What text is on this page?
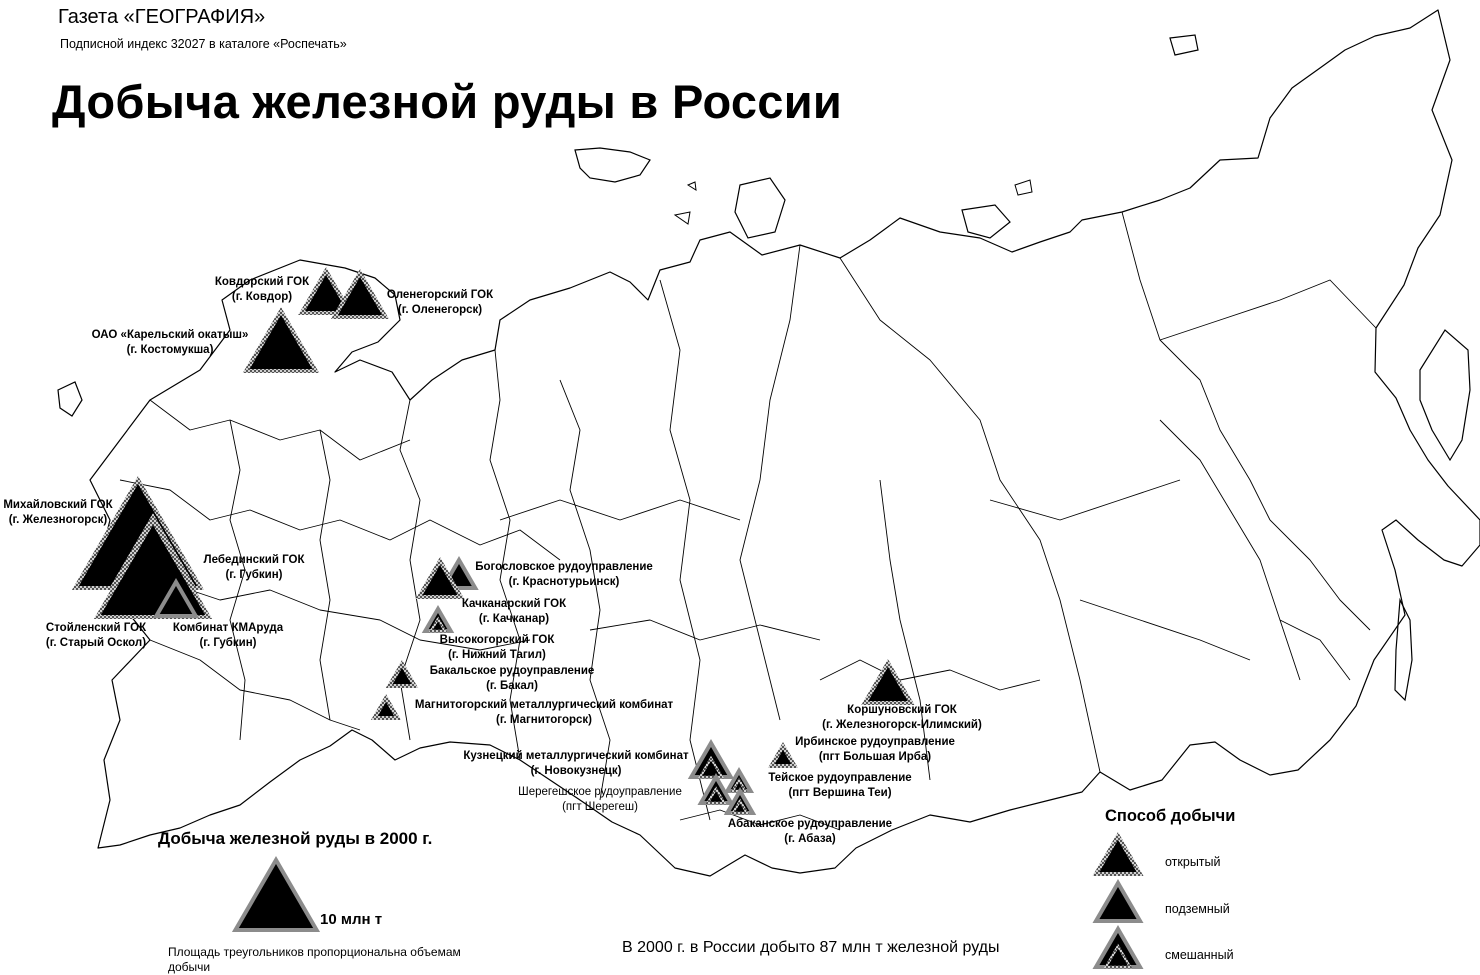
Газета «ГЕОГРАФИЯ»
Подписной индекс 32027 в каталоге «Роспечать»
Добыча железной руды в России
Ковдорский ГОК
(г. Ковдор)	Оленегорский ГОК
(г. Оленегорск)
ОАО «Карельский окатыш»
(г. Костомукша)
Михайловский ГОК
(г. Железногорск)
Лебединский ГОК
(г. Губкин)
Стойленский ГОК
(г. Старый Оскол)
Комбинат КМАруда
(г. Губкин)
Богословское рудоуправление
(г. Краснотурьинск)
Качканарский ГОК
(г. Качканар)
Высокогорский ГОК
(г. Нижний Тагил)
Бакальское рудоуправление
(г. Бакал)
Магнитогорский металлургический комбинат
(г. Магнитогорск)
Кузнецкий металлургический комбинат
(г. Новокузнецк)
Шерегешское рудоуправление
(пгт Шерегеш)
Тейское рудоуправление
(пгт Вершина Теи)
Абаканское рудоуправление
(г. Абаза)
Ирбинское рудоуправление
(пгт Большая Ирба)
Коршуновский ГОК
(г. Железногорск-Илимский)
Добыча железной руды в 2000 г.
10 млн т
Площадь треугольников пропорциональна объемам добычи
Способ добычи
открытый
подземный
смешанный
В 2000 г. в России добыто 87 млн т железной руды
